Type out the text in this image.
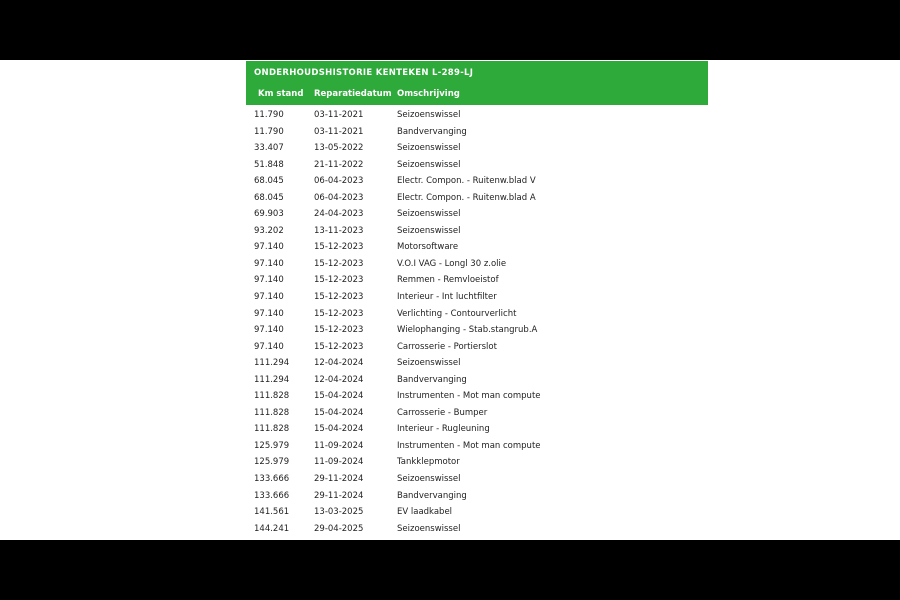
ONDERHOUDSHISTORIE KENTEKEN L-289-LJ
Km stand Reparatiedatum Omschrijving
11.790	03-11-2021	Seizoenswissel
11.790	03-11-2021	Bandvervanging
33.407	13-05-2022	Seizoenswissel
51.848	21-11-2022	Seizoenswissel
68.045	06-04-2023	Electr. Compon. - Ruitenw.blad V
68.045	06-04-2023	Electr. Compon. - Ruitenw.blad A
69.903	24-04-2023	Seizoenswissel
93.202	13-11-2023	Seizoenswissel
97.140	15-12-2023	Motorsoftware
97.140	15-12-2023	V.O.I VAG - Longl 30 z.olie
97.140	15-12-2023	Remmen - Remvloeistof
97.140	15-12-2023	Interieur - Int luchtfilter
97.140	15-12-2023	Verlichting - Contourverlicht
97.140	15-12-2023	Wielophanging - Stab.stangrub.A
97.140	15-12-2023	Carrosserie - Portierslot
111.294	12-04-2024	Seizoenswissel
111.294	12-04-2024	Bandvervanging
111.828	15-04-2024	Instrumenten - Mot man compute
111.828	15-04-2024	Carrosserie - Bumper
111.828	15-04-2024	Interieur - Rugleuning
125.979	11-09-2024	Instrumenten - Mot man compute
125.979	11-09-2024	Tankklepmotor
133.666	29-11-2024	Seizoenswissel
133.666	29-11-2024	Bandvervanging
141.561	13-03-2025	EV laadkabel
144.241	29-04-2025	Seizoenswissel
